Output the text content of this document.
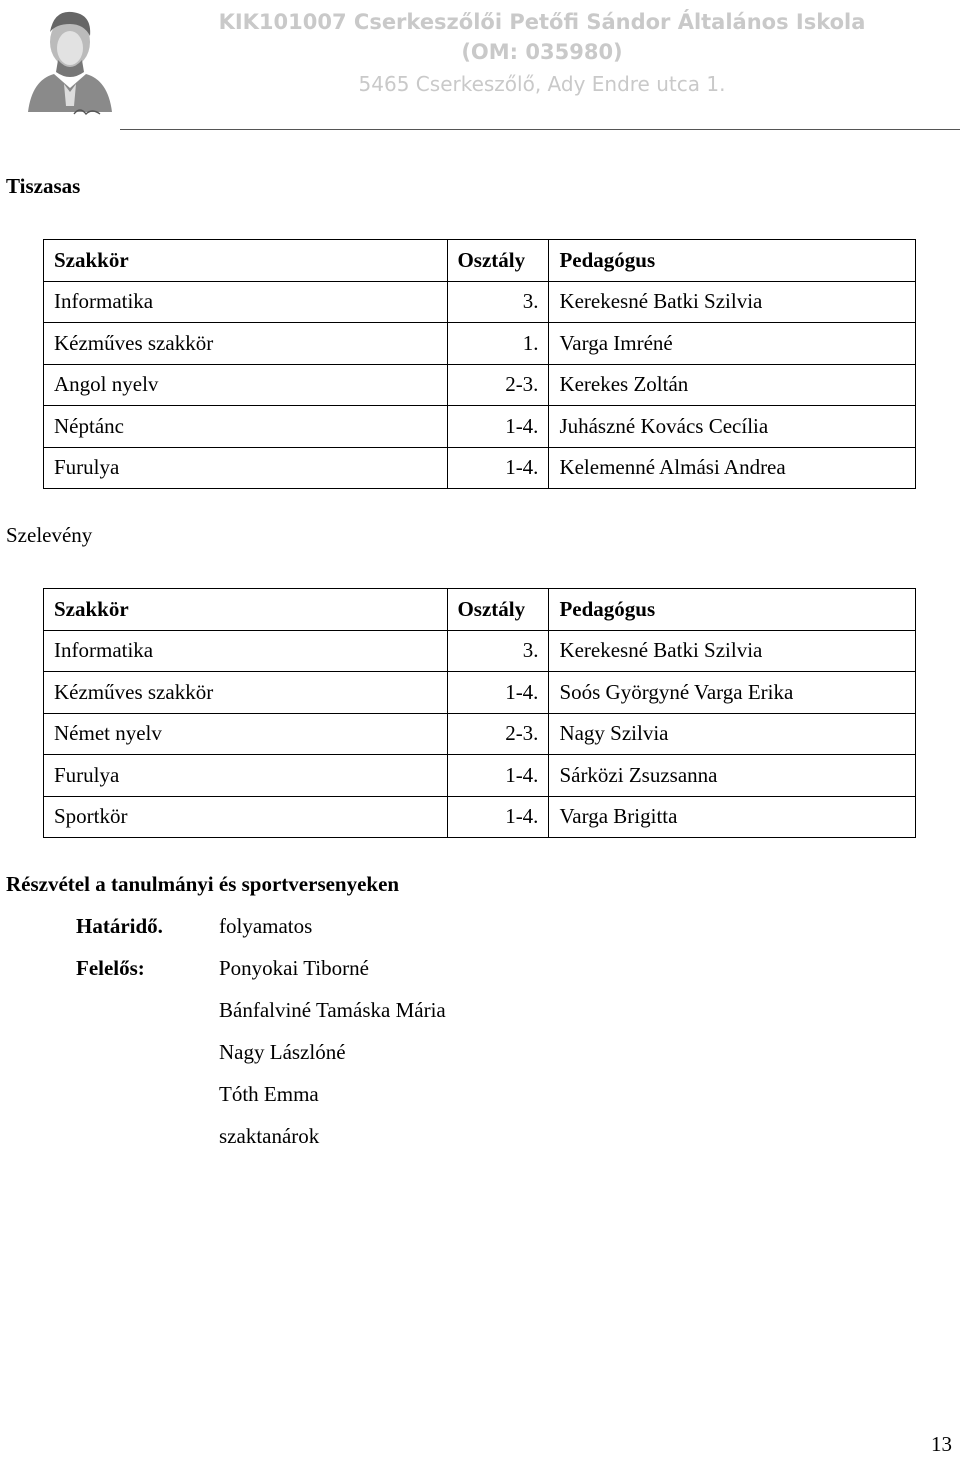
KIK101007 Cserkeszőlői Petőfi Sándor Általános Iskola
(OM: 035980)
5465 Cserkeszőlő, Ady Endre utca 1.
Tiszasas
Szakkör	Osztály	Pedagógus
Informatika	3.	Kerekesné Batki Szilvia
Kézműves szakkör	1.	Varga Imréné
Angol nyelv	2-3.	Kerekes Zoltán
Néptánc	1-4.	Juhászné Kovács Cecília
Furulya	1-4.	Kelemenné Almási Andrea
Szelevény
Szakkör	Osztály	Pedagógus
Informatika	3.	Kerekesné Batki Szilvia
Kézműves szakkör	1-4.	Soós Györgyné Varga Erika
Német nyelv	2-3.	Nagy Szilvia
Furulya	1-4.	Sárközi Zsuzsanna
Sportkör	1-4.	Varga Brigitta
Részvétel a tanulmányi és sportversenyeken
Határidő.	folyamatos
Felelős:	Ponyokai Tiborné
Bánfalviné Tamáska Mária
Nagy Lászlóné
Tóth Emma
szaktanárok
13
